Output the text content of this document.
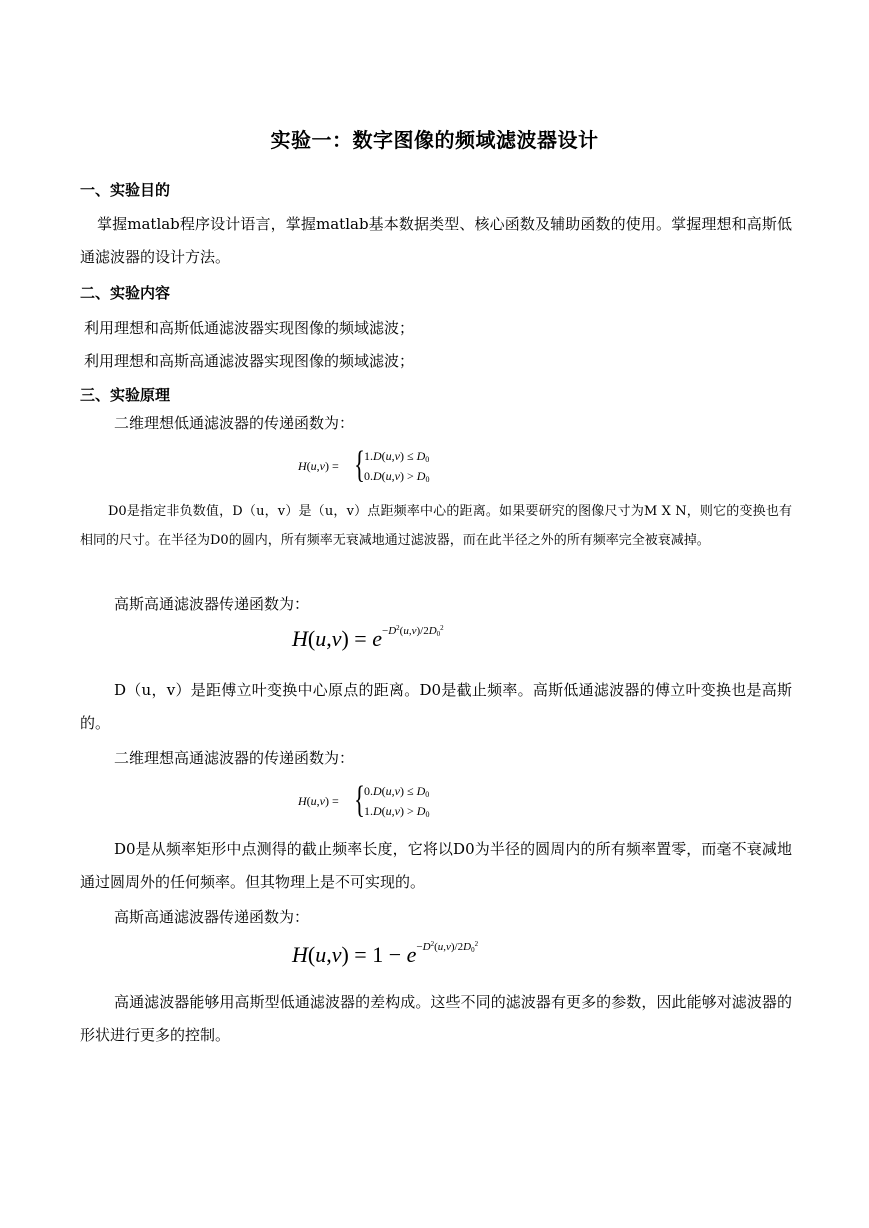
实验一：数字图像的频域滤波器设计
一、实验目的

掌握matlab程序设计语言，掌握matlab基本数据类型、核心函数及辅助函数的使用。掌握理想和高斯低通滤波器的设计方法。

二、实验内容
利用理想和高斯低通滤波器实现图像的频域滤波；
利用理想和高斯高通滤波器实现图像的频域滤波；
三、实验原理
二维理想低通滤波器的传递函数为：
H(u,v) = { $1.D(u,v) \le D_0$
$0.D(u,v) > D_0$

D0是指定非负数值，D（u，v）是（u，v）点距频率中心的距离。如果要研究的图像尺寸为M X N，则它的变换也有相同的尺寸。在半径为D0的圆内，所有频率无衰减地通过滤波器，而在此半径之外的所有频率完全被衰减掉。

高斯高通滤波器传递函数为：
$H(u,v) = e^{-D^2(u,v)/2D_0^2}$

D（u，v）是距傅立叶变换中心原点的距离。D0是截止频率。高斯低通滤波器的傅立叶变换也是高斯的。

二维理想高通滤波器的传递函数为：
H(u,v) = { $0.D(u,v) \le D_0$
$1.D(u,v) > D_0$

D0是从频率矩形中点测得的截止频率长度，它将以D0为半径的圆周内的所有频率置零，而毫不衰减地通过圆周外的任何频率。但其物理上是不可实现的。

高斯高通滤波器传递函数为：
$H(u,v) = 1 - e^{-D^2(u,v)/2D_0^2}$

高通滤波器能够用高斯型低通滤波器的差构成。这些不同的滤波器有更多的参数，因此能够对滤波器的形状进行更多的控制。
